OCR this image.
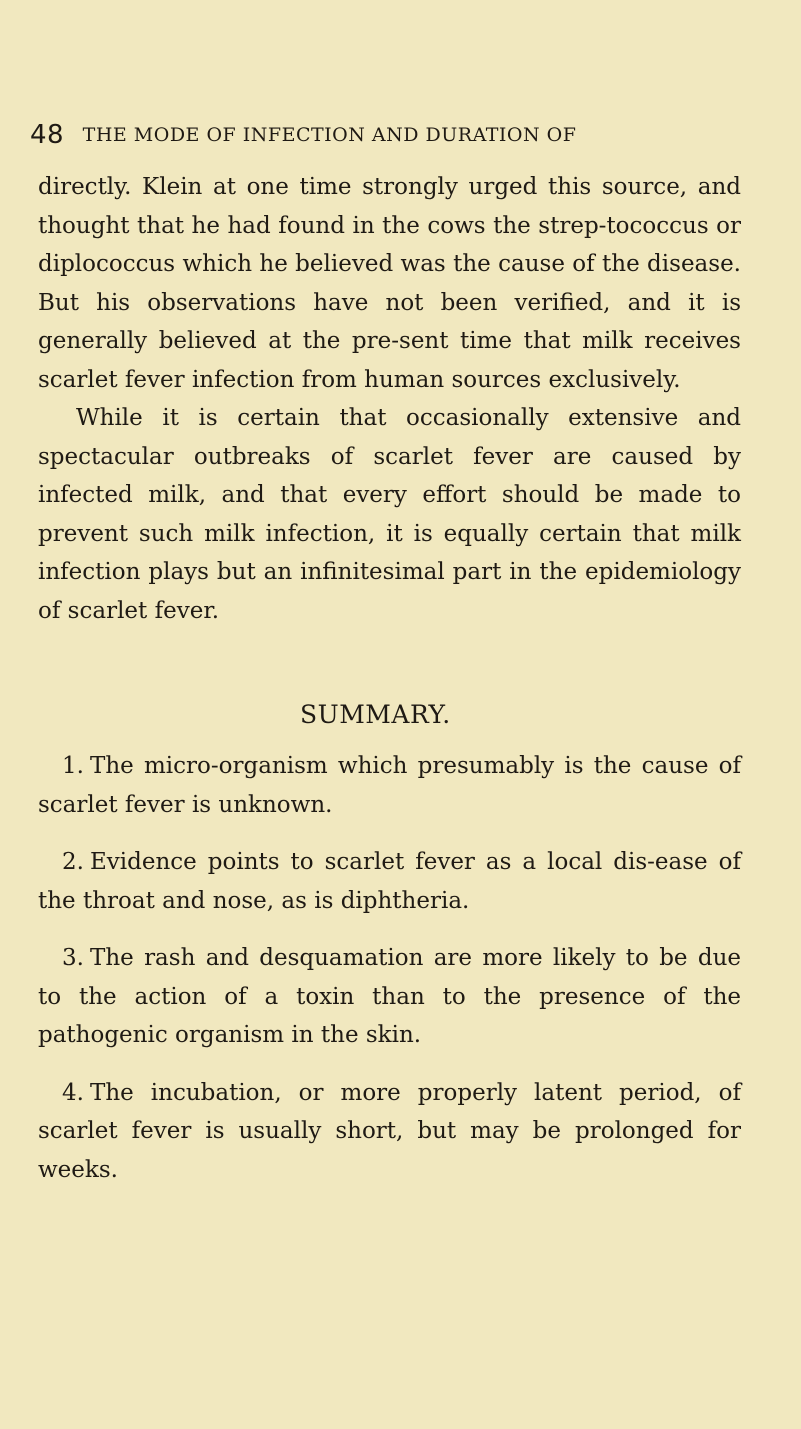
48 THE MODE OF INFECTION AND DURATION OF

directly. Klein at one time strongly urged this source, and thought that he had found in the cows the strep-tococcus or diplococcus which he believed was the cause of the disease. But his observations have not been verified, and it is generally believed at the pre-sent time that milk receives scarlet fever infection from human sources exclusively.

While it is certain that occasionally extensive and spectacular outbreaks of scarlet fever are caused by infected milk, and that every effort should be made to prevent such milk infection, it is equally certain that milk infection plays but an infinitesimal part in the epidemiology of scarlet fever.

SUMMARY.

1. The micro-organism which presumably is the cause of scarlet fever is unknown.

2. Evidence points to scarlet fever as a local dis-ease of the throat and nose, as is diphtheria.

3. The rash and desquamation are more likely to be due to the action of a toxin than to the presence of the pathogenic organism in the skin.

4. The incubation, or more properly latent period, of scarlet fever is usually short, but may be prolonged for weeks.
